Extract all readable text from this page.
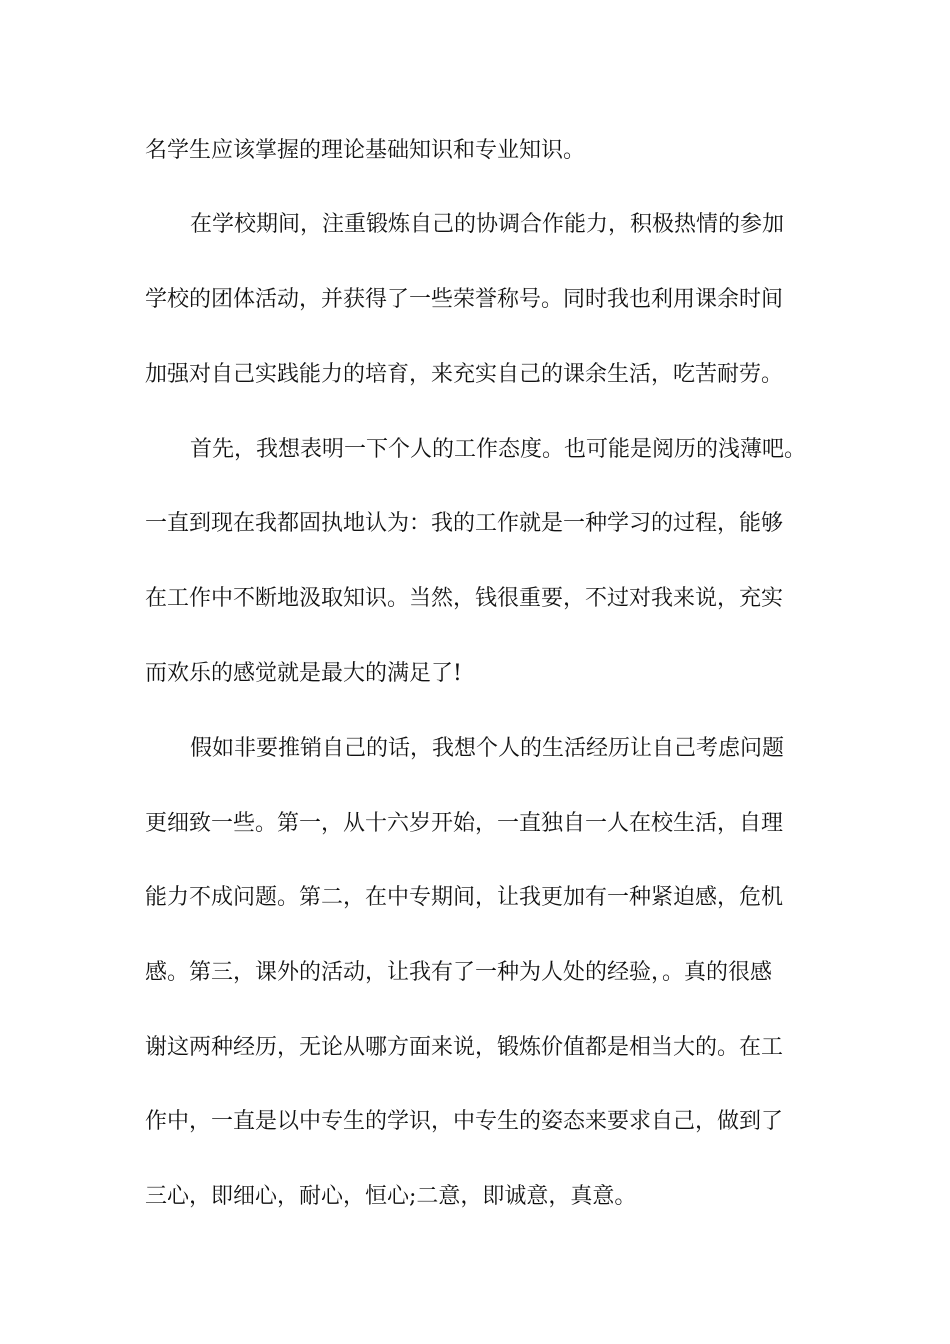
名学生应该掌握的理论基础知识和专业知识。
在学校期间，注重锻炼自己的协调合作能力，积极热情的参加
学校的团体活动，并获得了一些荣誉称号。同时我也利用课余时间
加强对自己实践能力的培育，来充实自己的课余生活，吃苦耐劳。
首先，我想表明一下个人的工作态度。也可能是阅历的浅薄吧。
一直到现在我都固执地认为：我的工作就是一种学习的过程，能够
在工作中不断地汲取知识。当然，钱很重要，不过对我来说，充实
而欢乐的感觉就是最大的满足了!
假如非要推销自己的话，我想个人的生活经历让自己考虑问题
更细致一些。第一，从十六岁开始，一直独自一人在校生活，自理
能力不成问题。第二，在中专期间，让我更加有一种紧迫感，危机
感。第三，课外的活动，让我有了一种为人处的经验，。真的很感
谢这两种经历，无论从哪方面来说，锻炼价值都是相当大的。在工
作中，一直是以中专生的学识，中专生的姿态来要求自己，做到了
三心，即细心，耐心，恒心;二意，即诚意，真意。
